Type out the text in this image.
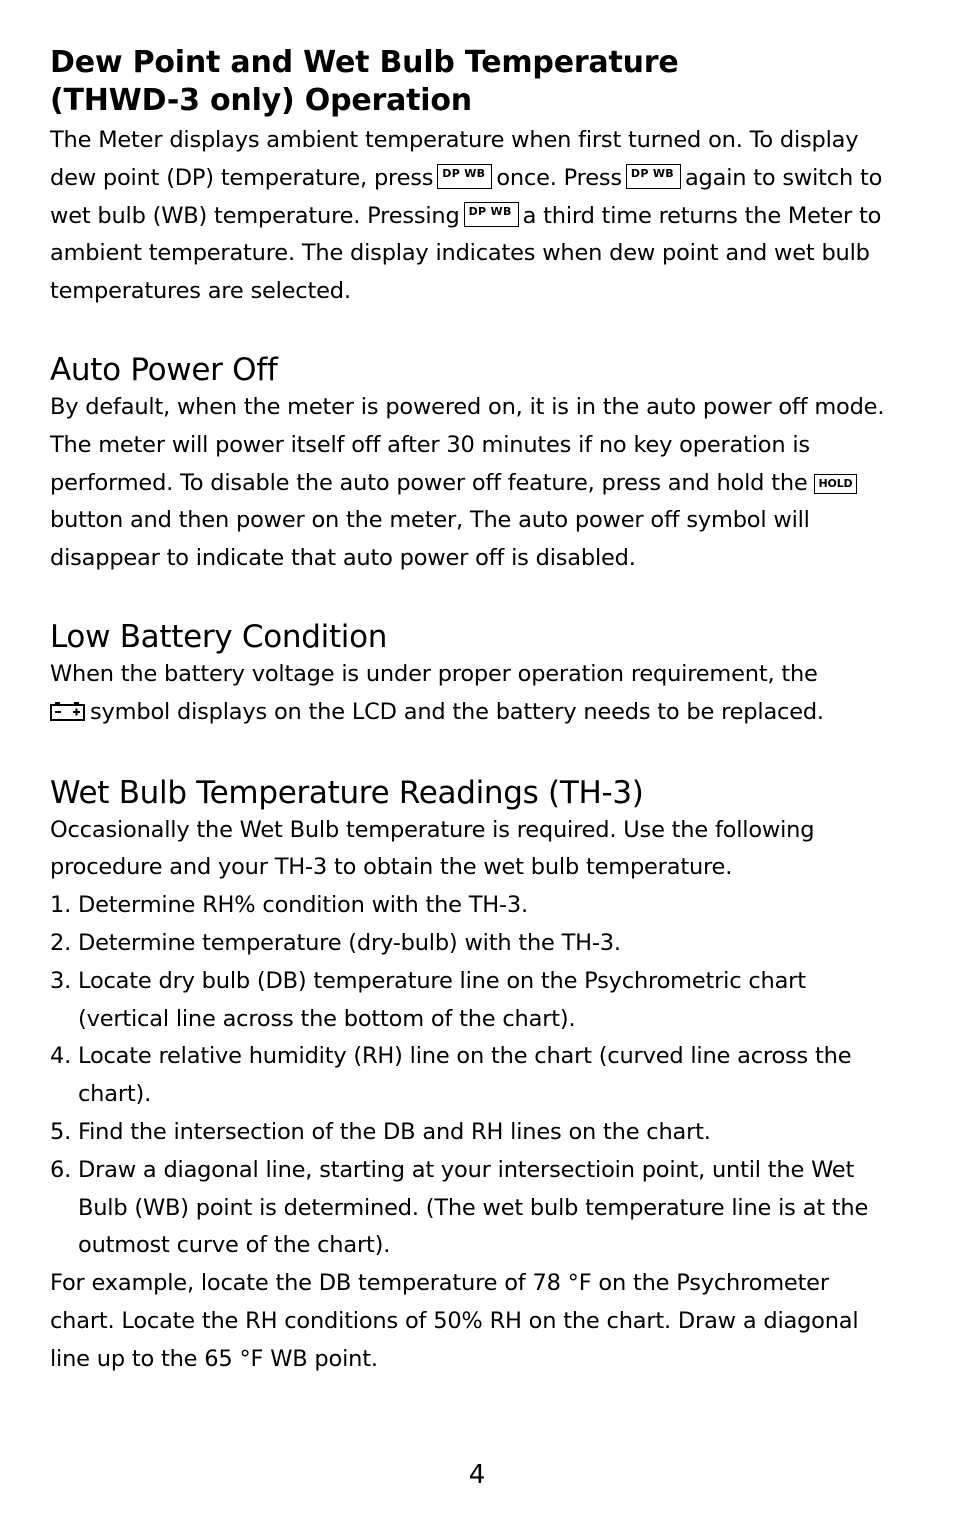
Dew Point and Wet Bulb Temperature
(THWD-3 only) Operation

The Meter displays ambient temperature when first turned on. To display dew point (DP) temperature, press DP WB once. Press DP WB again to switch to wet bulb (WB) temperature. Pressing DP WB a third time returns the Meter to ambient temperature. The display indicates when dew point and wet bulb temperatures are selected.

Auto Power Off

By default, when the meter is powered on, it is in the auto power off mode. The meter will power itself off after 30 minutes if no key operation is performed. To disable the auto power off feature, press and hold the HOLDbutton and then power on the meter, The auto power off symbol will disappear to indicate that auto power off is disabled.

Low Battery Condition

When the battery voltage is under proper operation requirement, the
symbol displays on the LCD and the battery needs to be replaced.

Wet Bulb Temperature Readings (TH-3)

Occasionally the Wet Bulb temperature is required. Use the following procedure and your TH-3 to obtain the wet bulb temperature.

1. Determine RH% condition with the TH-3.
2. Determine temperature (dry-bulb) with the TH-3.
3. Locate dry bulb (DB) temperature line on the Psychrometric chart (vertical line across the bottom of the chart).
4. Locate relative humidity (RH) line on the chart (curved line across the chart).
5. Find the intersection of the DB and RH lines on the chart.
6. Draw a diagonal line, starting at your intersectioin point, until the Wet Bulb (WB) point is determined. (The wet bulb temperature line is at the outmost curve of the chart).

For example, locate the DB temperature of 78 °F on the Psychrometer chart. Locate the RH conditions of 50% RH on the chart. Draw a diagonal line up to the 65 °F WB point.

4
